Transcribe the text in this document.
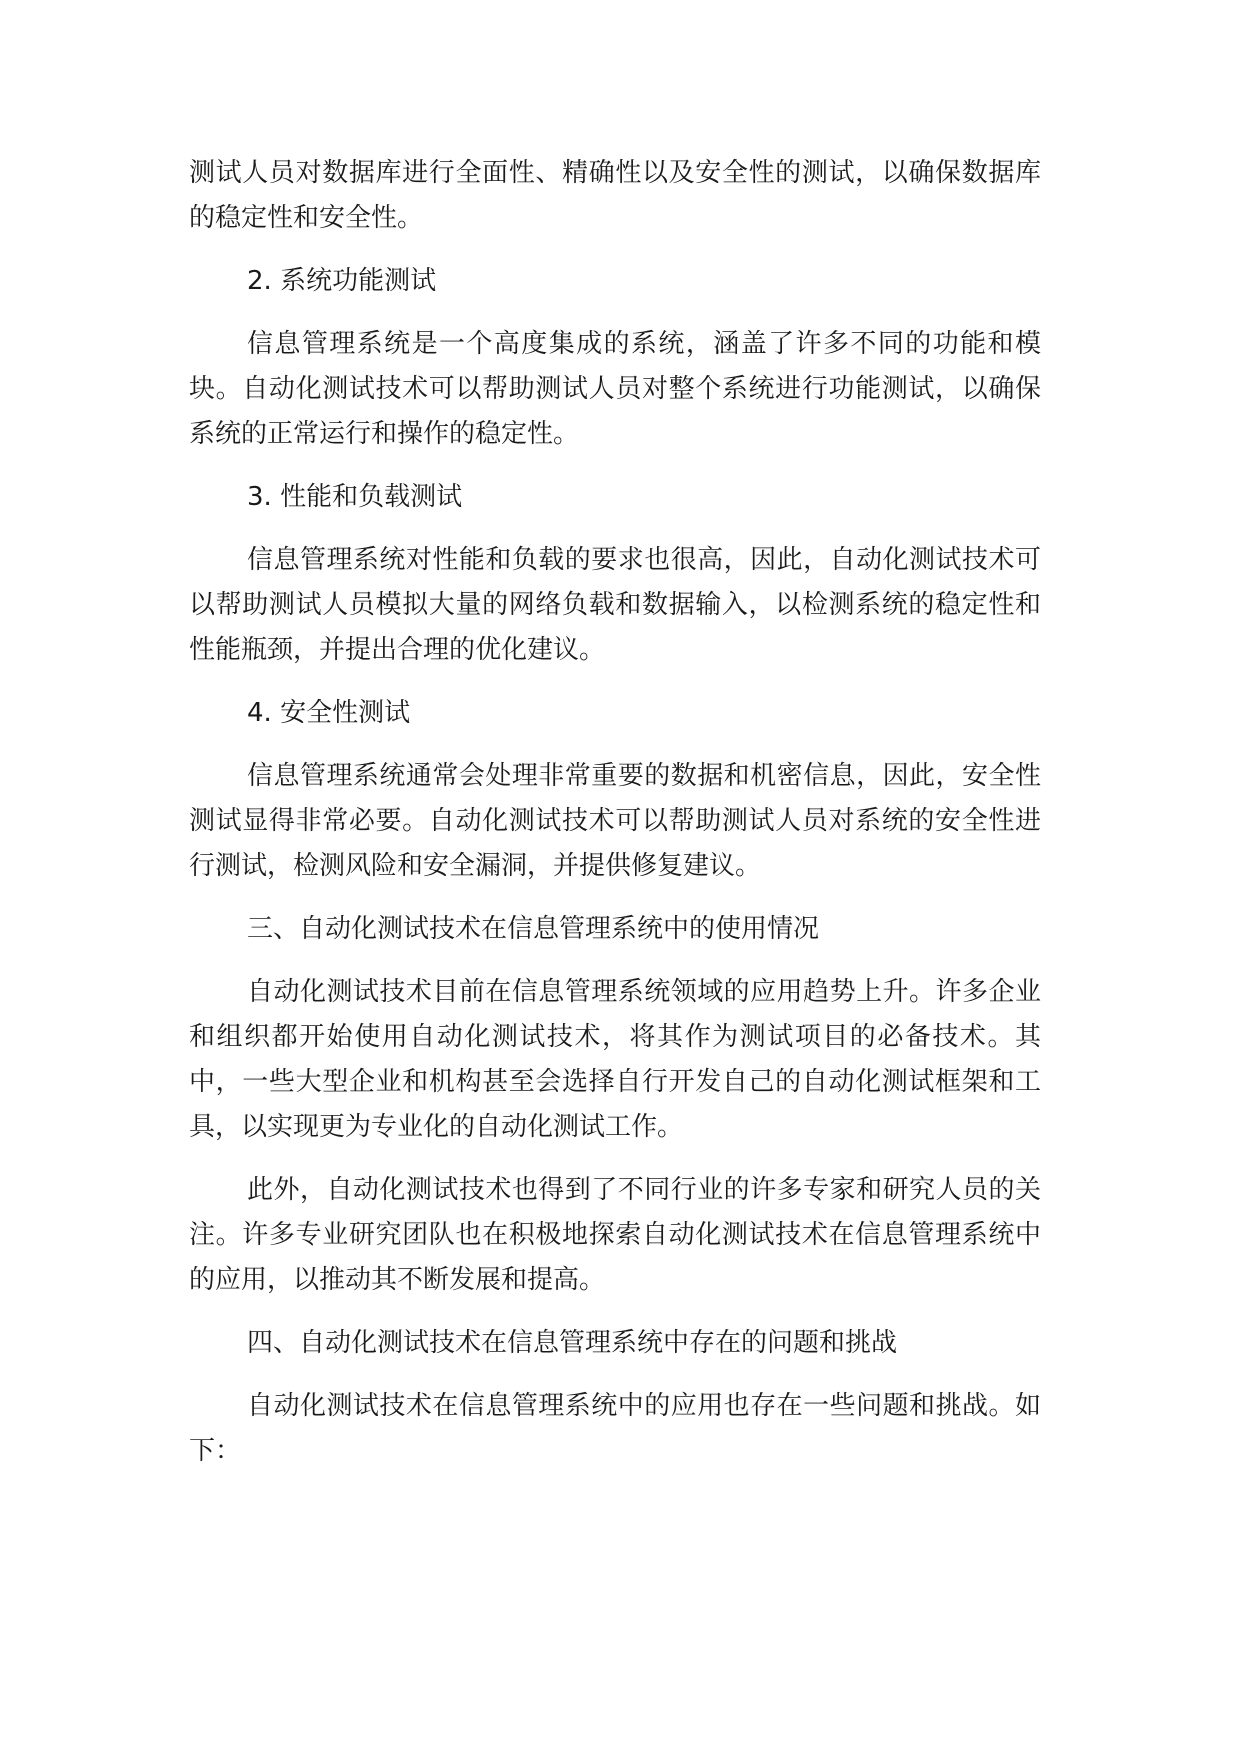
测试人员对数据库进行全面性、精确性以及安全性的测试，以确保数据库的稳定性和安全性。

2. 系统功能测试

信息管理系统是一个高度集成的系统，涵盖了许多不同的功能和模块。自动化测试技术可以帮助测试人员对整个系统进行功能测试，以确保系统的正常运行和操作的稳定性。

3. 性能和负载测试

信息管理系统对性能和负载的要求也很高，因此，自动化测试技术可以帮助测试人员模拟大量的网络负载和数据输入，以检测系统的稳定性和性能瓶颈，并提出合理的优化建议。

4. 安全性测试

信息管理系统通常会处理非常重要的数据和机密信息，因此，安全性测试显得非常必要。自动化测试技术可以帮助测试人员对系统的安全性进行测试，检测风险和安全漏洞，并提供修复建议。

三、自动化测试技术在信息管理系统中的使用情况

自动化测试技术目前在信息管理系统领域的应用趋势上升。许多企业和组织都开始使用自动化测试技术，将其作为测试项目的必备技术。其中，一些大型企业和机构甚至会选择自行开发自己的自动化测试框架和工具，以实现更为专业化的自动化测试工作。

此外，自动化测试技术也得到了不同行业的许多专家和研究人员的关注。许多专业研究团队也在积极地探索自动化测试技术在信息管理系统中的应用，以推动其不断发展和提高。

四、自动化测试技术在信息管理系统中存在的问题和挑战

自动化测试技术在信息管理系统中的应用也存在一些问题和挑战。如下：
